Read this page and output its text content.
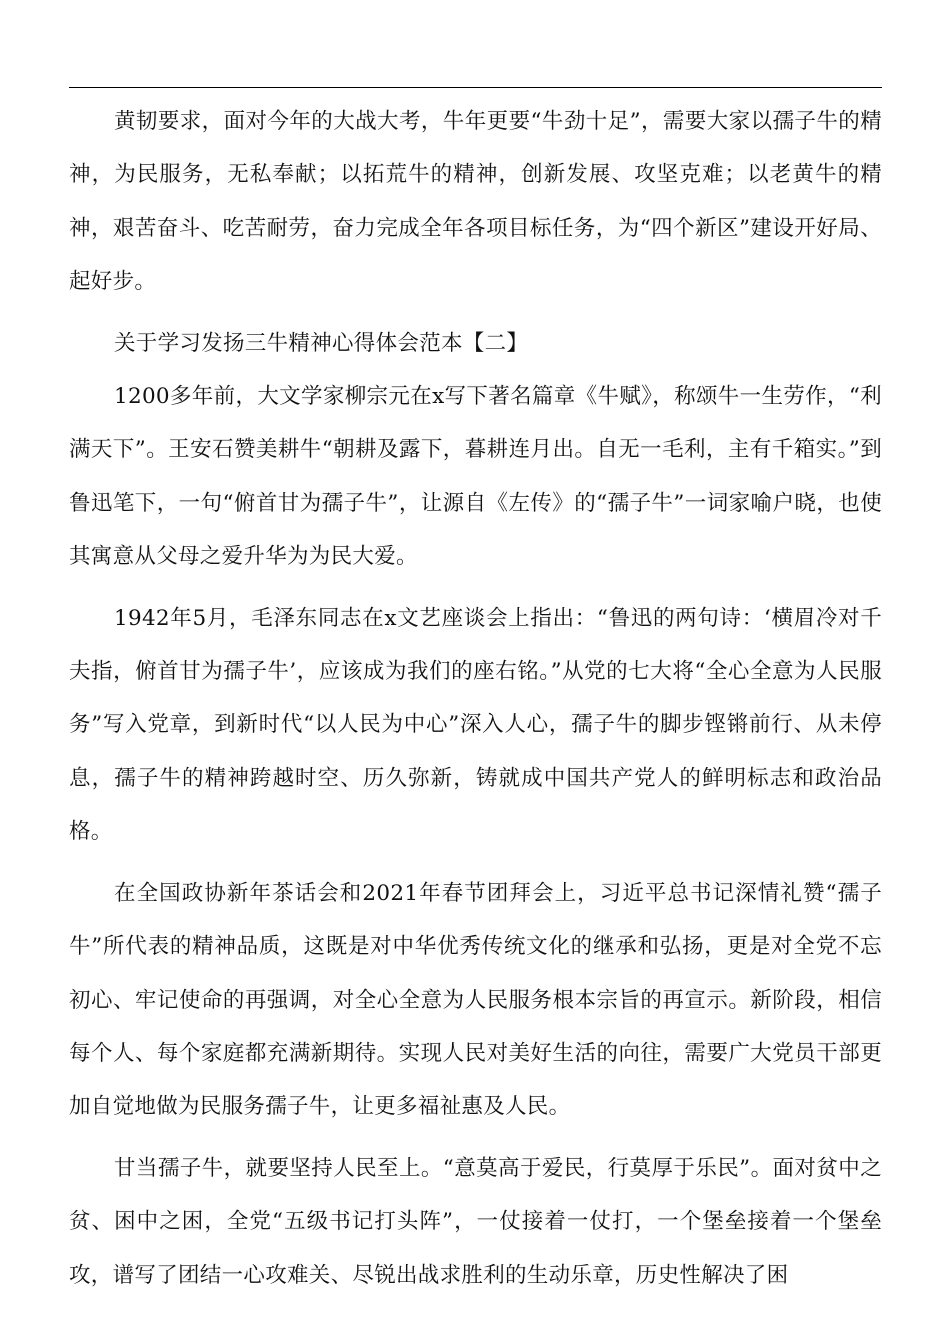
黄韧要求，面对今年的大战大考，牛年更要“牛劲十足”，需要大家以孺子牛的精神，为民服务，无私奉献；以拓荒牛的精神，创新发展、攻坚克难；以老黄牛的精神，艰苦奋斗、吃苦耐劳，奋力完成全年各项目标任务，为“四个新区”建设开好局、起好步。

关于学习发扬三牛精神心得体会范本【二】

1200多年前，大文学家柳宗元在x写下著名篇章《牛赋》，称颂牛一生劳作，“利满天下”。王安石赞美耕牛“朝耕及露下，暮耕连月出。自无一毛利，主有千箱实。”到鲁迅笔下，一句“俯首甘为孺子牛”，让源自《左传》的“孺子牛”一词家喻户晓，也使其寓意从父母之爱升华为为民大爱。

1942年5月，毛泽东同志在x文艺座谈会上指出：“鲁迅的两句诗：‘横眉冷对千夫指，俯首甘为孺子牛’，应该成为我们的座右铭。”从党的七大将“全心全意为人民服务”写入党章，到新时代“以人民为中心”深入人心，孺子牛的脚步铿锵前行、从未停息，孺子牛的精神跨越时空、历久弥新，铸就成中国共产党人的鲜明标志和政治品格。

在全国政协新年茶话会和2021年春节团拜会上，习近平总书记深情礼赞“孺子牛”所代表的精神品质，这既是对中华优秀传统文化的继承和弘扬，更是对全党不忘初心、牢记使命的再强调，对全心全意为人民服务根本宗旨的再宣示。新阶段，相信每个人、每个家庭都充满新期待。实现人民对美好生活的向往，需要广大党员干部更加自觉地做为民服务孺子牛，让更多福祉惠及人民。

甘当孺子牛，就要坚持人民至上。“意莫高于爱民，行莫厚于乐民”。面对贫中之贫、困中之困，全党“五级书记打头阵”，一仗接着一仗打，一个堡垒接着一个堡垒攻，谱写了团结一心攻难关、尽锐出战求胜利的生动乐章，历史性解决了困
